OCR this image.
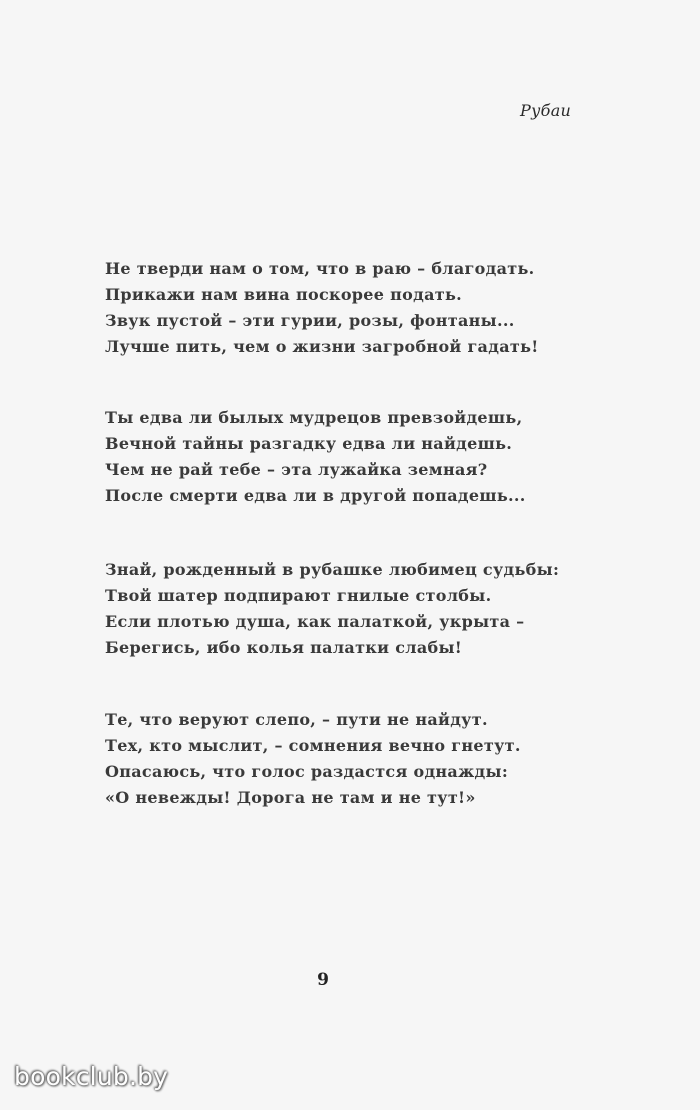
Рубаи
Не тверди нам о том, что в раю – благодать.
Прикажи нам вина поскорее подать.
Звук пустой – эти гурии, розы, фонтаны...
Лучше пить, чем о жизни загробной гадать!
Ты едва ли былых мудрецов превзойдешь,
Вечной тайны разгадку едва ли найдешь.
Чем не рай тебе – эта лужайка земная?
После смерти едва ли в другой попадешь...
Знай, рожденный в рубашке любимец судьбы:
Твой шатер подпирают гнилые столбы.
Если плотью душа, как палаткой, укрыта –
Берегись, ибо колья палатки слабы!
Те, что веруют слепо, – пути не найдут.
Тех, кто мыслит, – сомнения вечно гнетут.
Опасаюсь, что голос раздастся однажды:
«О невежды! Дорога не там и не тут!»
9
bookclub.by
